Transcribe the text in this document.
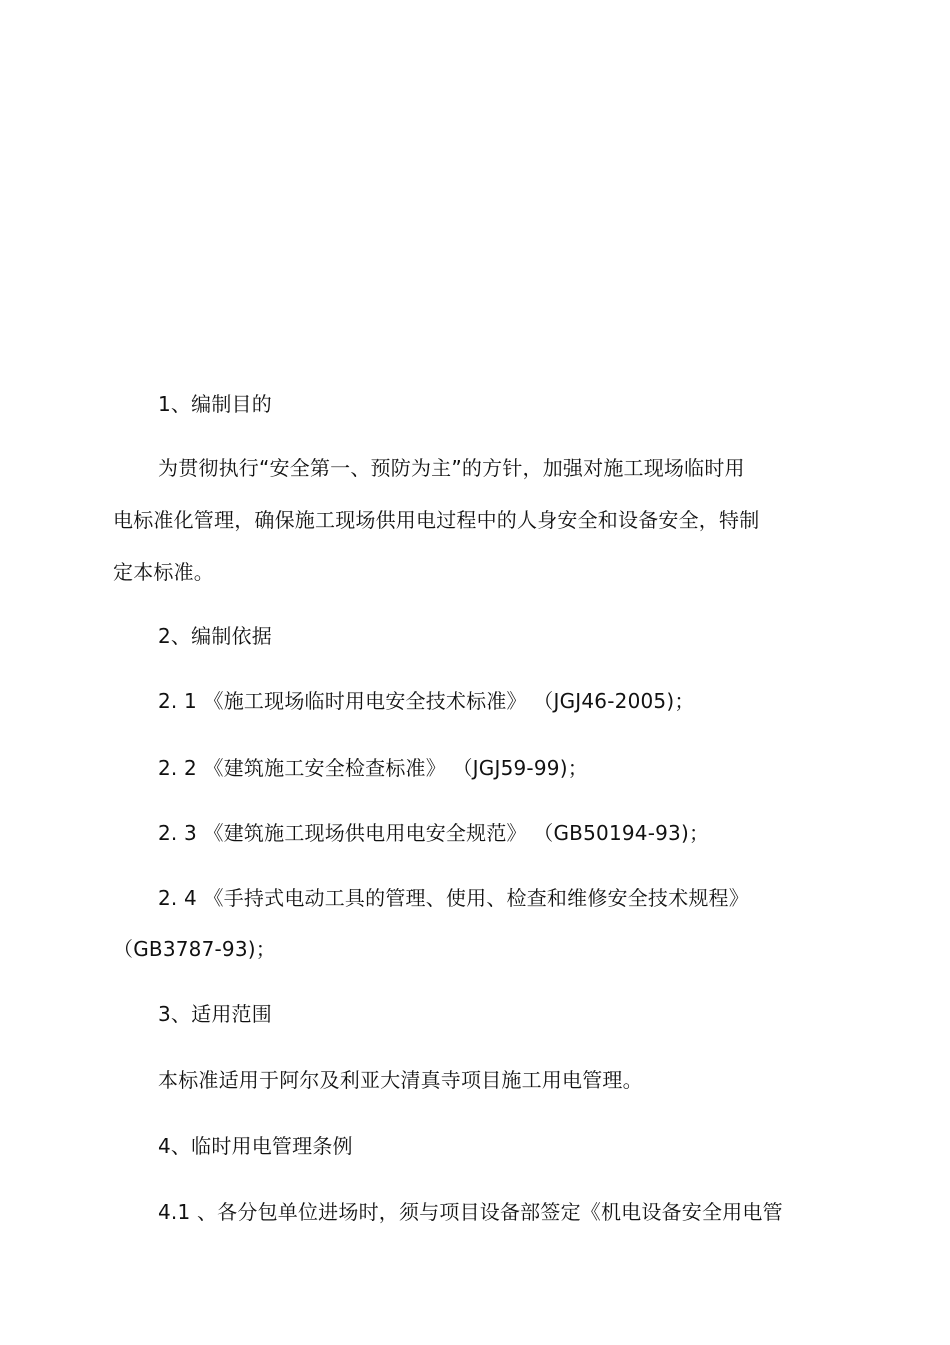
1、编制目的
为贯彻执行“安全第一、预防为主”的方针，加强对施工现场临时用
电标准化管理，确保施工现场供用电过程中的人身安全和设备安全，特制
定本标准。
2、编制依据
2. 1 《施工现场临时用电安全技术标准》 （JGJ46-2005)；
2. 2 《建筑施工安全检查标准》 （JGJ59-99)；
2. 3 《建筑施工现场供电用电安全规范》 （GB50194-93)；
2. 4 《手持式电动工具的管理、使用、检查和维修安全技术规程》
（GB3787-93)；
3、适用范围
本标准适用于阿尔及利亚大清真寺项目施工用电管理。
4、临时用电管理条例
4.1 、各分包单位进场时，须与项目设备部签定《机电设备安全用电管
